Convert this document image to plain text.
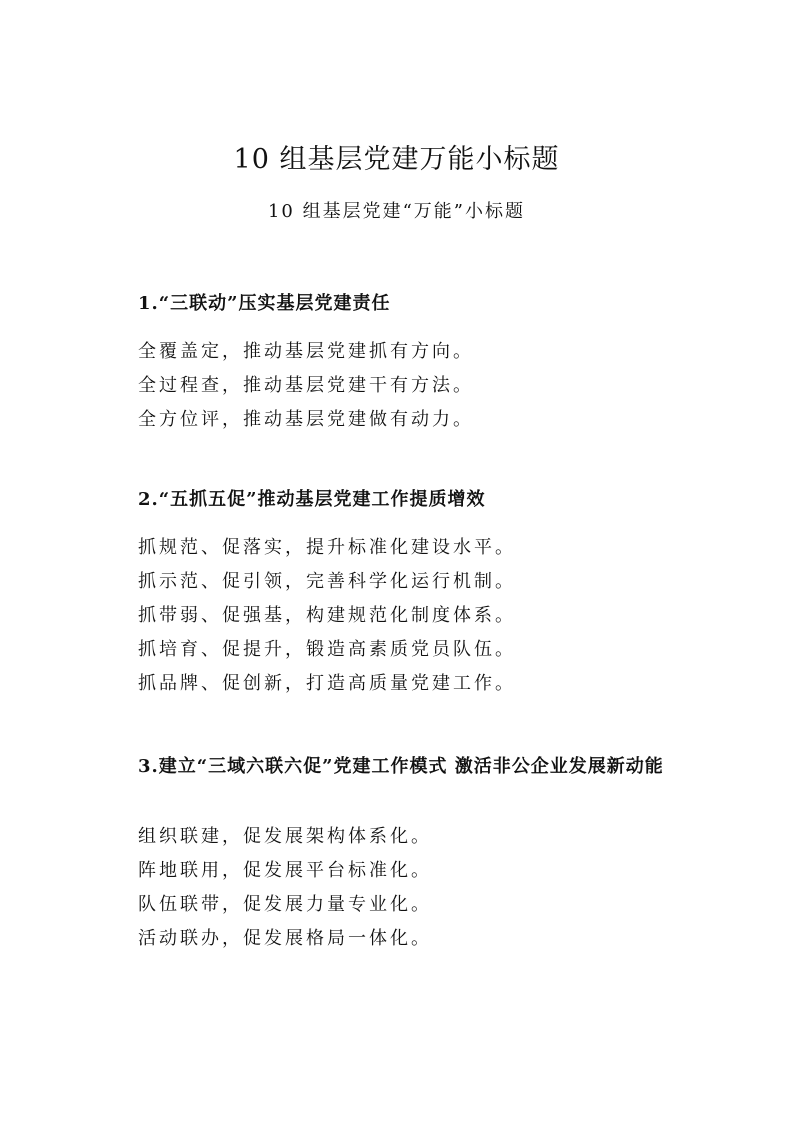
10 组基层党建万能小标题
10 组基层党建“万能”小标题
1.“三联动”压实基层党建责任
全覆盖定，推动基层党建抓有方向。
全过程查，推动基层党建干有方法。
全方位评，推动基层党建做有动力。
2.“五抓五促”推动基层党建工作提质增效
抓规范、促落实，提升标准化建设水平。
抓示范、促引领，完善科学化运行机制。
抓带弱、促强基，构建规范化制度体系。
抓培育、促提升，锻造高素质党员队伍。
抓品牌、促创新，打造高质量党建工作。
3.建立“三域六联六促”党建工作模式 激活非公企业发展新动能
组织联建，促发展架构体系化。
阵地联用，促发展平台标准化。
队伍联带，促发展力量专业化。
活动联办，促发展格局一体化。
